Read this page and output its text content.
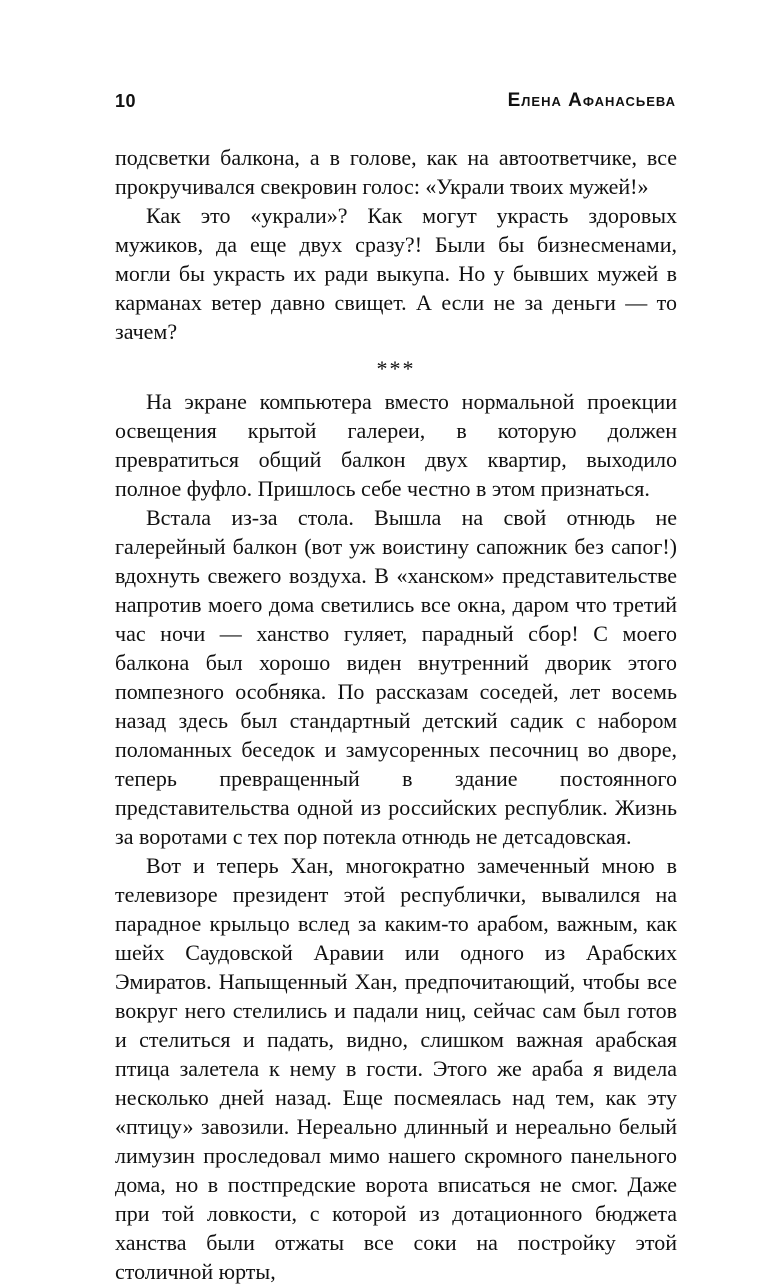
10	Елена Афанасьева

подсветки балкона, а в голове, как на автоответчике, все прокручивался свекровин голос: «Украли твоих мужей!»

Как это «украли»? Как могут украсть здоровых мужиков, да еще двух сразу?! Были бы бизнесменами, могли бы украсть их ради выкупа. Но у бывших мужей в карманах ветер давно свищет. А если не за деньги — то зачем?

***

На экране компьютера вместо нормальной проекции освещения крытой галереи, в которую должен превратиться общий балкон двух квартир, выходило полное фуфло. Пришлось себе честно в этом признаться.

Встала из-за стола. Вышла на свой отнюдь не галерейный балкон (вот уж воистину сапожник без сапог!) вдохнуть свежего воздуха. В «ханском» представительстве напротив моего дома светились все окна, даром что третий час ночи — ханство гуляет, парадный сбор! С моего балкона был хорошо виден внутренний дворик этого помпезного особняка. По рассказам соседей, лет восемь назад здесь был стандартный детский садик с набором поломанных беседок и замусоренных песочниц во дворе, теперь превращенный в здание постоянного представительства одной из российских республик. Жизнь за воротами с тех пор потекла отнюдь не детсадовская.

Вот и теперь Хан, многократно замеченный мною в телевизоре президент этой республички, вывалился на парадное крыльцо вслед за каким-то арабом, важным, как шейх Саудовской Аравии или одного из Арабских Эмиратов. Напыщенный Хан, предпочитающий, чтобы все вокруг него стелились и падали ниц, сейчас сам был готов и стелиться и падать, видно, слишком важная арабская птица залетела к нему в гости. Этого же араба я видела несколько дней назад. Еще посмеялась над тем, как эту «птицу» завозили. Нереально длинный и нереально белый лимузин проследовал мимо нашего скромного панельного дома, но в постпредские ворота вписаться не смог. Даже при той ловкости, с которой из дотационного бюджета ханства были отжаты все соки на постройку этой столичной юрты,
